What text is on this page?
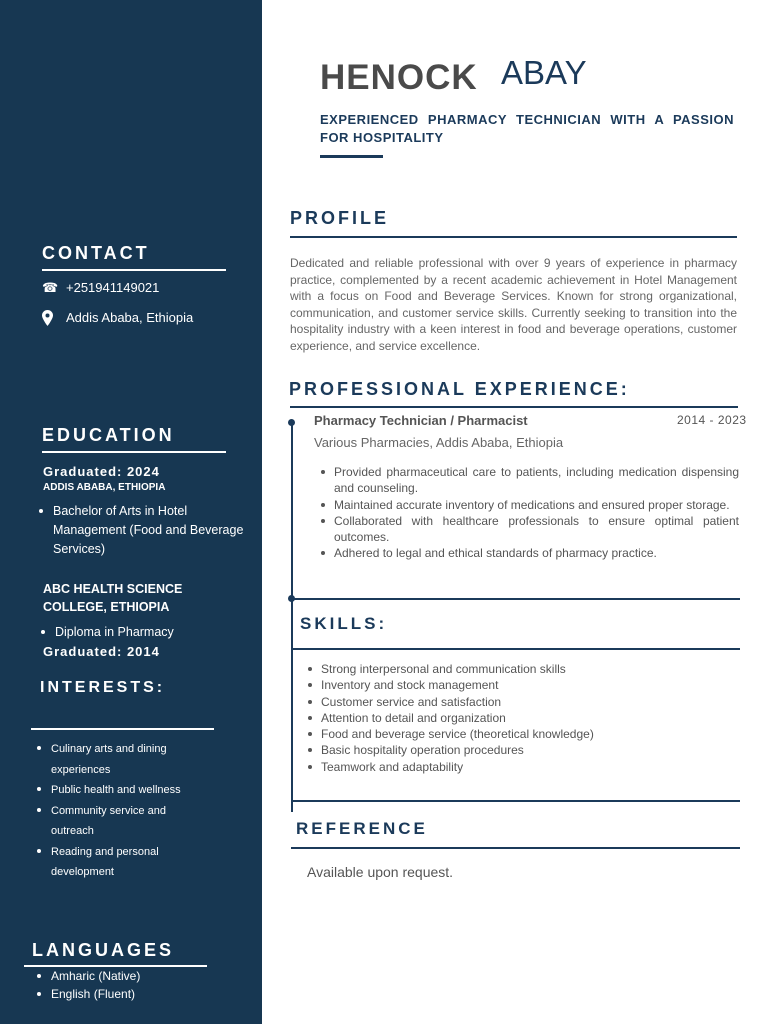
CONTACT
☎ +251941149021
Addis Ababa, Ethiopia
EDUCATION
Graduated: 2024
ADDIS ABABA, ETHIOPIA
Bachelor of Arts in Hotel Management (Food and Beverage Services)
ABC HEALTH SCIENCE COLLEGE, ETHIOPIA
Diploma in Pharmacy
Graduated: 2014
INTERESTS:
Culinary arts and dining experiences
Public health and wellness
Community service and outreach
Reading and personal development
LANGUAGES
Amharic (Native)
English (Fluent)
HENOCK ABAY
EXPERIENCED PHARMACY TECHNICIAN WITH A PASSION FOR HOSPITALITY
PROFILE
Dedicated and reliable professional with over 9 years of experience in pharmacy practice, complemented by a recent academic achievement in Hotel Management with a focus on Food and Beverage Services. Known for strong organizational, communication, and customer service skills. Currently seeking to transition into the hospitality industry with a keen interest in food and beverage operations, customer experience, and service excellence.
PROFESSIONAL EXPERIENCE:
Pharmacy Technician / Pharmacist	2014 - 2023
Various Pharmacies, Addis Ababa, Ethiopia
Provided pharmaceutical care to patients, including medication dispensing and counseling.
Maintained accurate inventory of medications and ensured proper storage.
Collaborated with healthcare professionals to ensure optimal patient outcomes.
Adhered to legal and ethical standards of pharmacy practice.
SKILLS:
Strong interpersonal and communication skills
Inventory and stock management
Customer service and satisfaction
Attention to detail and organization
Food and beverage service (theoretical knowledge)
Basic hospitality operation procedures
Teamwork and adaptability
REFERENCE
Available upon request.
